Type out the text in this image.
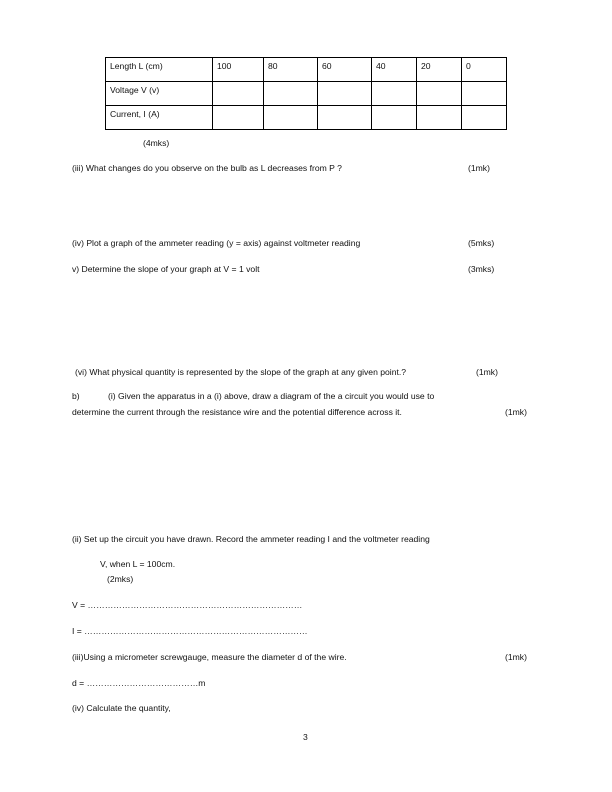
Length L (cm)	100	80	60	40	20	0
Voltage V (v)						
Current, I (A)						
(4mks)
(iii) What changes do you observe on the bulb as L decreases from P ?	(1mk)
(iv) Plot a graph of the ammeter reading (y = axis) against voltmeter reading	(5mks)
v) Determine the slope of your graph at V = 1 volt	(3mks)
(vi) What physical quantity is represented by the slope of the graph at any given point.?	(1mk)
b)	(i) Given the apparatus in a (i) above, draw a diagram of the a circuit you would use to
determine the current through the resistance wire and the potential difference across it.	(1mk)
(ii) Set up the circuit you have drawn. Record the ammeter reading I and the voltmeter reading
V, when L = 100cm.
(2mks)
V = …………………………………………………………………
I = ……………………………………………………………………
(iii)Using a micrometer screwgauge, measure the diameter d of the wire.	(1mk)
d = …………………………………m
(iv) Calculate the quantity,
3
